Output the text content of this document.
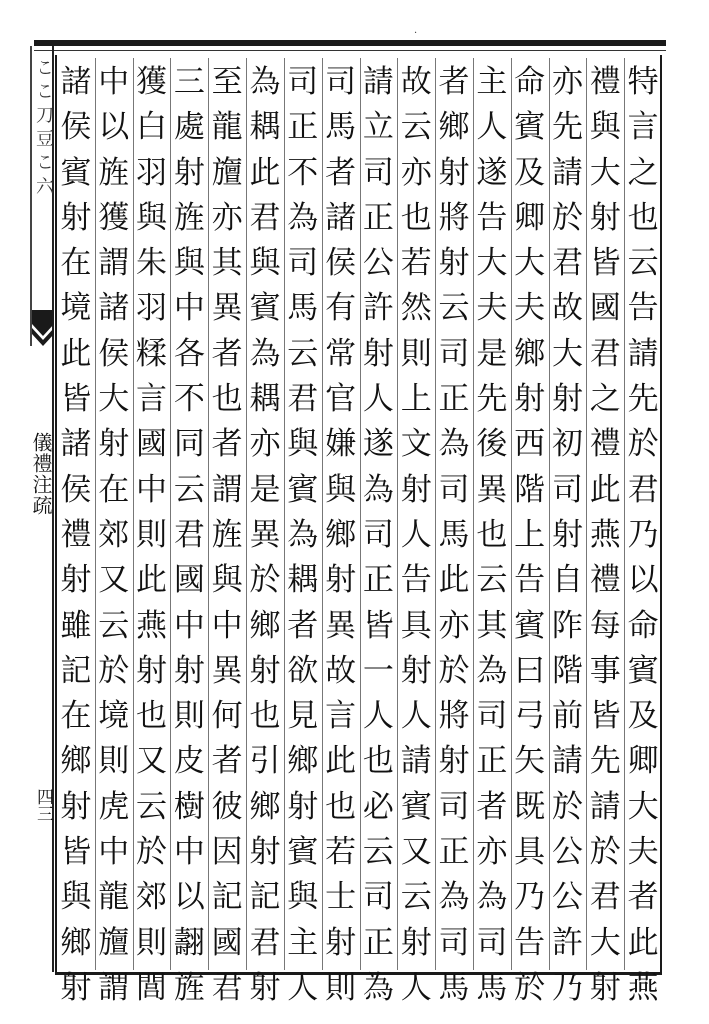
·
こ こ 刀 豆 こ 六
儀禮注疏
四三
特
言
之
也
云
告
請
先
於
君
乃
以
命
賓
及
卿
大
夫
者
此
燕
禮
與
大
射
皆
國
君
之
禮
此
燕
禮
每
事
皆
先
請
於
君
大
射
亦
先
請
於
君
故
大
射
初
司
射
自
阼
階
前
請
於
公
公
許
乃
命
賓
及
卿
大
夫
鄉
射
西
階
上
告
賓
曰
弓
矢
既
具
乃
告
於
主
人
遂
告
大
夫
是
先
後
異
也
云
其
為
司
正
者
亦
為
司
馬
者
鄉
射
將
射
云
司
正
為
司
馬
此
亦
於
將
射
司
正
為
司
馬
故
云
亦
也
若
然
則
上
文
射
人
告
具
射
人
請
賓
又
云
射
人
請
立
司
正
公
許
射
人
遂
為
司
正
皆
一
人
也
必
云
司
正
為
司
馬
者
諸
侯
有
常
官
嫌
與
鄉
射
異
故
言
此
也
若
士
射
則
司
正
不
為
司
馬
云
君
與
賓
為
耦
者
欲
見
鄉
射
賓
與
主
人
為
耦
此
君
與
賓
為
耦
亦
是
異
於
鄉
射
也
引
鄉
射
記
君
射
至
龍
旜
亦
其
異
者
也
者
謂
旌
與
中
異
何
者
彼
因
記
國
君
三
處
射
旌
與
中
各
不
同
云
君
國
中
射
則
皮
樹
中
以
翿
旌
獲
白
羽
與
朱
羽
糅
言
國
中
則
此
燕
射
也
又
云
於
郊
則
閭
中
以
旌
獲
謂
諸
侯
大
射
在
郊
又
云
於
境
則
虎
中
龍
旜
謂
諸
侯
賓
射
在
境
此
皆
諸
侯
禮
射
雖
記
在
鄉
射
皆
與
鄉
射
